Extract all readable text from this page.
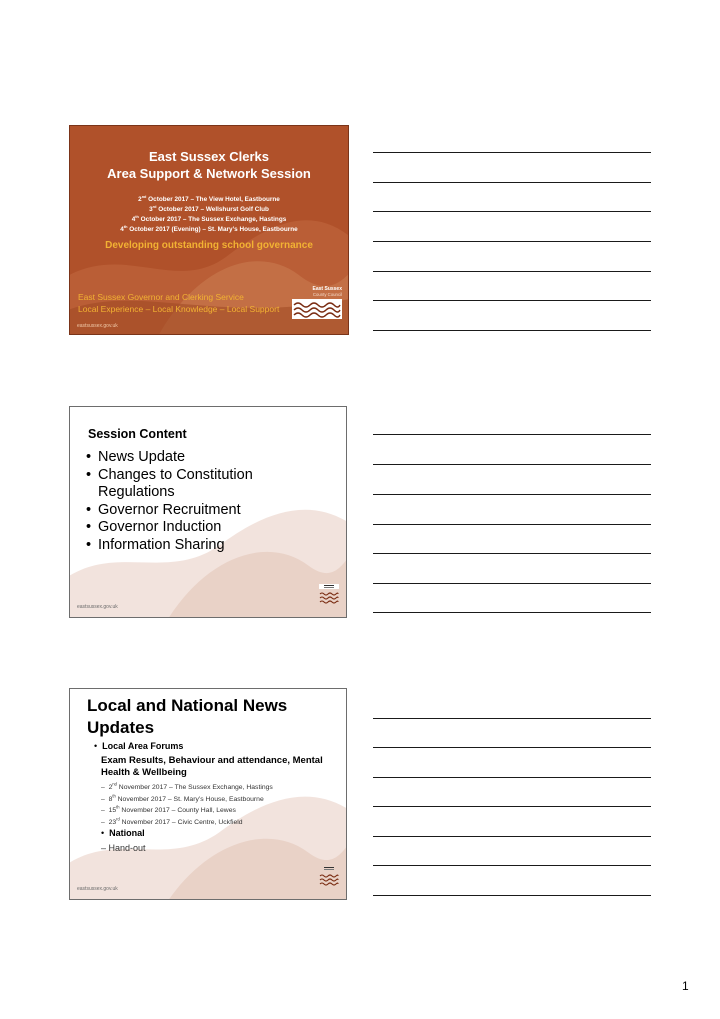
East Sussex Clerks
Area Support & Network Session
2nd October 2017 – The View Hotel, Eastbourne
3rd October 2017 – Wellshurst Golf Club
4th October 2017 – The Sussex Exchange, Hastings
4th October 2017 (Evening) – St. Mary’s House, Eastbourne
Developing outstanding school governance
East Sussex Governor and Clerking Service
Local Experience – Local Knowledge – Local Support
East Sussex
County Council
eastsussex.gov.uk
Session Content
• News Update
• Changes to Constitution Regulations
• Governor Recruitment
• Governor Induction
• Information Sharing
eastsussex.gov.uk
Local and National News Updates
• Local Area Forums
Exam Results, Behaviour and attendance, Mental Health & Wellbeing
–  2nd November 2017 – The Sussex Exchange, Hastings
–  8th November 2017 – St. Mary’s House, Eastbourne
–  15th November 2017 – County Hall, Lewes
–  23rd November 2017 – Civic Centre, Uckfield
• National
– Hand-out
eastsussex.gov.uk
1
